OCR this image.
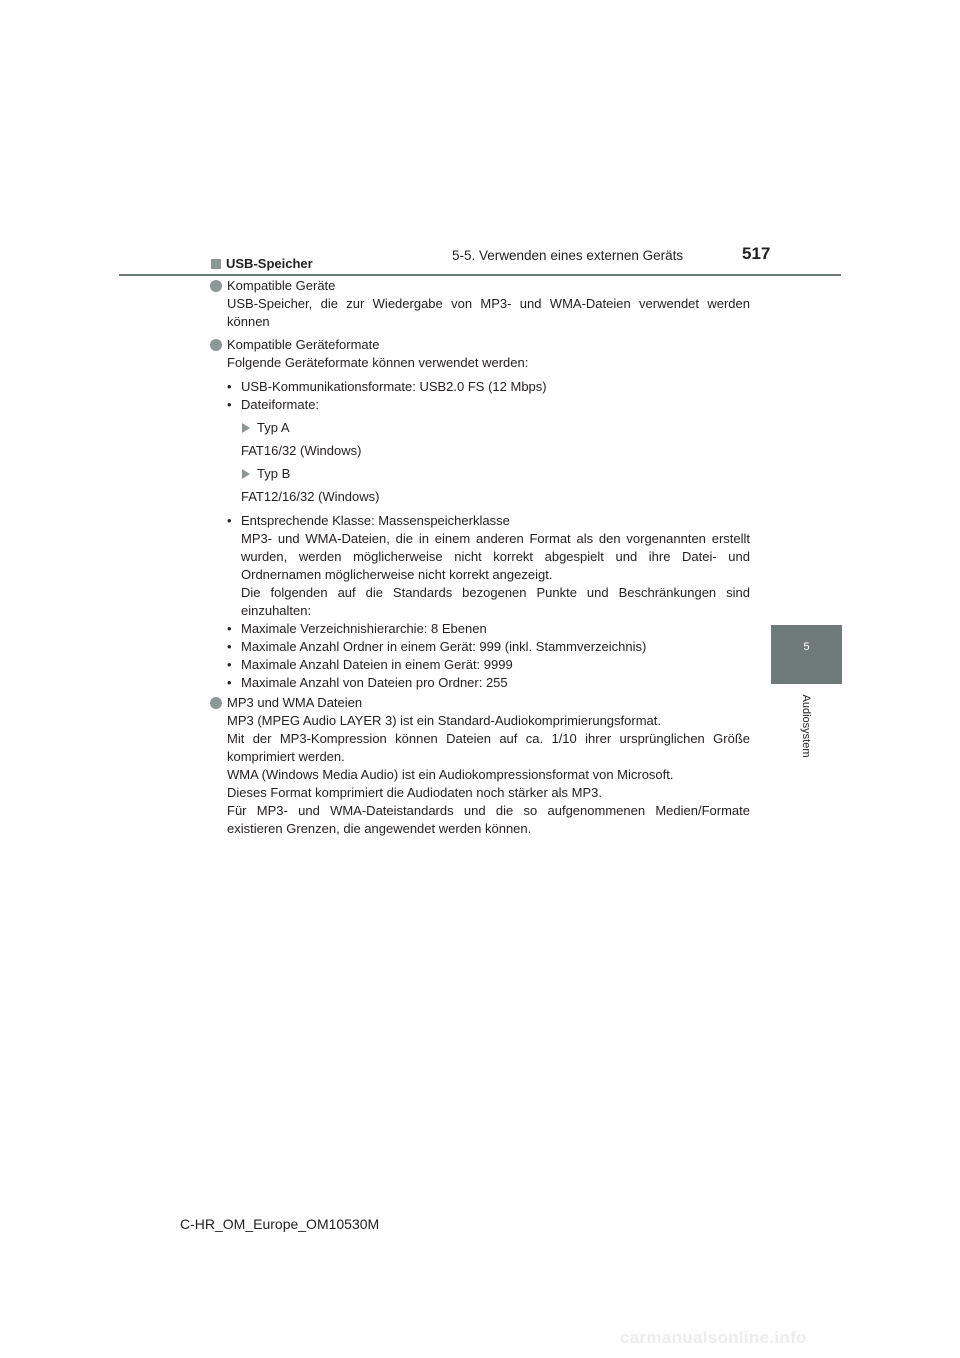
5-5. Verwenden eines externen Geräts	517
5
Audiosystem
USB-Speicher
Kompatible Geräte
USB-Speicher, die zur Wiedergabe von MP3- und WMA-Dateien verwendet werden können
Kompatible Geräteformate
Folgende Geräteformate können verwendet werden:
• USB-Kommunikationsformate: USB2.0 FS (12 Mbps)
• Dateiformate:
Typ A
FAT16/32 (Windows)
Typ B
FAT12/16/32 (Windows)
• Entsprechende Klasse: Massenspeicherklasse
MP3- und WMA-Dateien, die in einem anderen Format als den vorgenannten erstellt wurden, werden möglicherweise nicht korrekt abgespielt und ihre Datei- und Ordnernamen möglicherweise nicht korrekt angezeigt.
Die folgenden auf die Standards bezogenen Punkte und Beschränkungen sind einzuhalten:
• Maximale Verzeichnishierarchie: 8 Ebenen
• Maximale Anzahl Ordner in einem Gerät: 999 (inkl. Stammverzeichnis)
• Maximale Anzahl Dateien in einem Gerät: 9999
• Maximale Anzahl von Dateien pro Ordner: 255
MP3 und WMA Dateien
MP3 (MPEG Audio LAYER 3) ist ein Standard-Audiokomprimierungsformat.
Mit der MP3-Kompression können Dateien auf ca. 1/10 ihrer ursprünglichen Größe komprimiert werden.
WMA (Windows Media Audio) ist ein Audiokompressionsformat von Microsoft.
Dieses Format komprimiert die Audiodaten noch stärker als MP3.
Für MP3- und WMA-Dateistandards und die so aufgenommenen Medien/Formate existieren Grenzen, die angewendet werden können.
C-HR_OM_Europe_OM10530M
carmanualsonline.info
